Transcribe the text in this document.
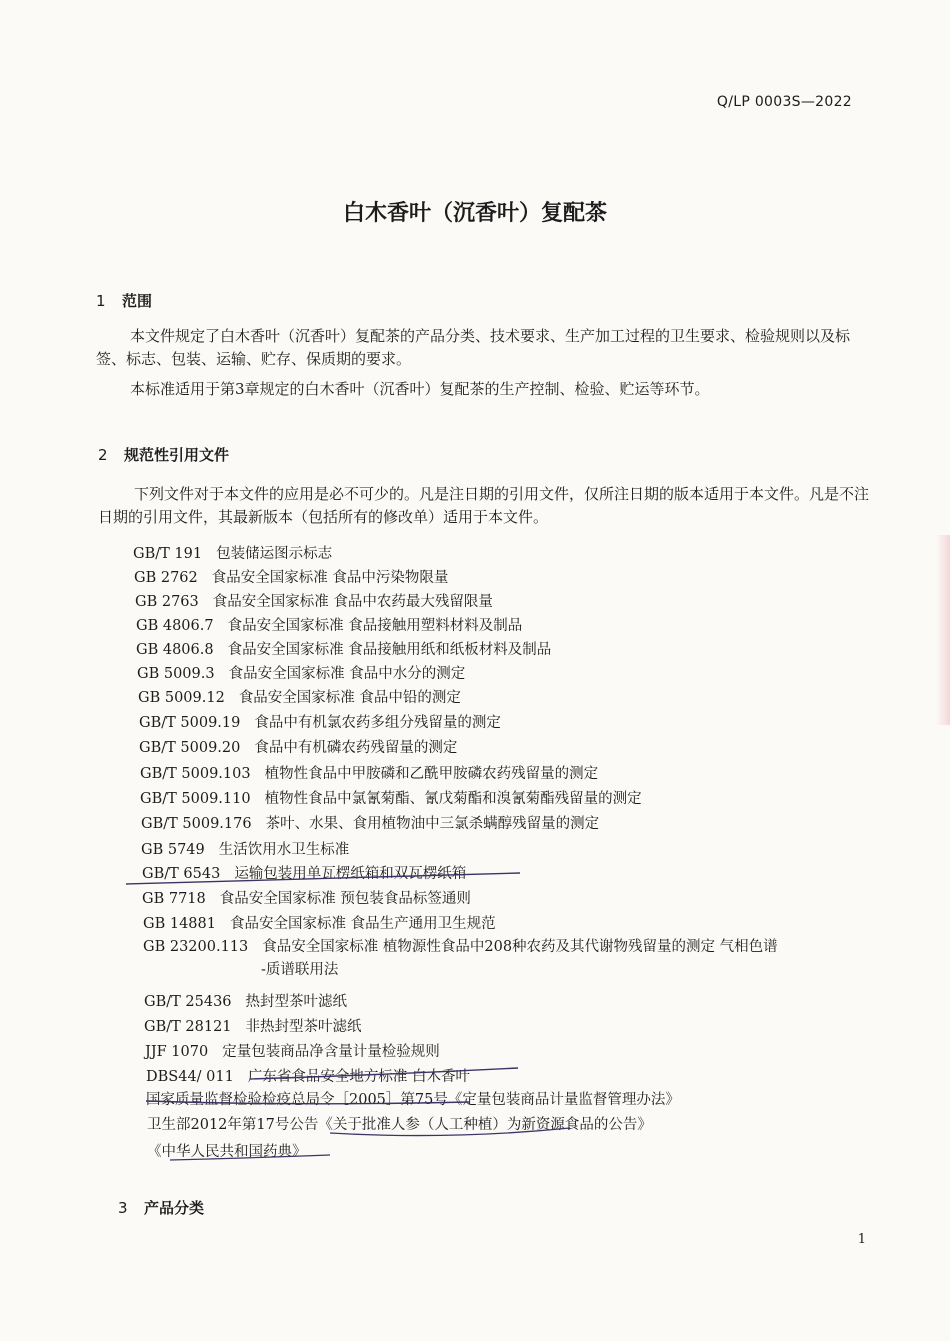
Q/LP 0003S—2022
白木香叶（沉香叶）复配茶
1 范围
本文件规定了白木香叶（沉香叶）复配茶的产品分类、技术要求、生产加工过程的卫生要求、检验规则以及标签、标志、包装、运输、贮存、保质期的要求。
本标准适用于第3章规定的白木香叶（沉香叶）复配茶的生产控制、检验、贮运等环节。
2 规范性引用文件
下列文件对于本文件的应用是必不可少的。凡是注日期的引用文件，仅所注日期的版本适用于本文件。凡是不注日期的引用文件，其最新版本（包括所有的修改单）适用于本文件。
GB/T 191 包装储运图示标志
GB 2762 食品安全国家标准 食品中污染物限量
GB 2763 食品安全国家标准 食品中农药最大残留限量
GB 4806.7 食品安全国家标准 食品接触用塑料材料及制品
GB 4806.8 食品安全国家标准 食品接触用纸和纸板材料及制品
GB 5009.3 食品安全国家标准 食品中水分的测定
GB 5009.12 食品安全国家标准 食品中铅的测定
GB/T 5009.19 食品中有机氯农药多组分残留量的测定
GB/T 5009.20 食品中有机磷农药残留量的测定
GB/T 5009.103 植物性食品中甲胺磷和乙酰甲胺磷农药残留量的测定
GB/T 5009.110 植物性食品中氯氰菊酯、氰戊菊酯和溴氰菊酯残留量的测定
GB/T 5009.176 茶叶、水果、食用植物油中三氯杀螨醇残留量的测定
GB 5749 生活饮用水卫生标准
GB/T 6543 运输包装用单瓦楞纸箱和双瓦楞纸箱
GB 7718 食品安全国家标准 预包装食品标签通则
GB 14881 食品安全国家标准 食品生产通用卫生规范
GB 23200.113 食品安全国家标准 植物源性食品中208种农药及其代谢物残留量的测定 气相色谱
-质谱联用法
GB/T 25436 热封型茶叶滤纸
GB/T 28121 非热封型茶叶滤纸
JJF 1070 定量包装商品净含量计量检验规则
DBS44/ 011 广东省食品安全地方标准 白木香叶
国家质量监督检验检疫总局令［2005］第75号《定量包装商品计量监督管理办法》
卫生部2012年第17号公告《关于批准人参（人工种植）为新资源食品的公告》
《中华人民共和国药典》
3 产品分类
1
